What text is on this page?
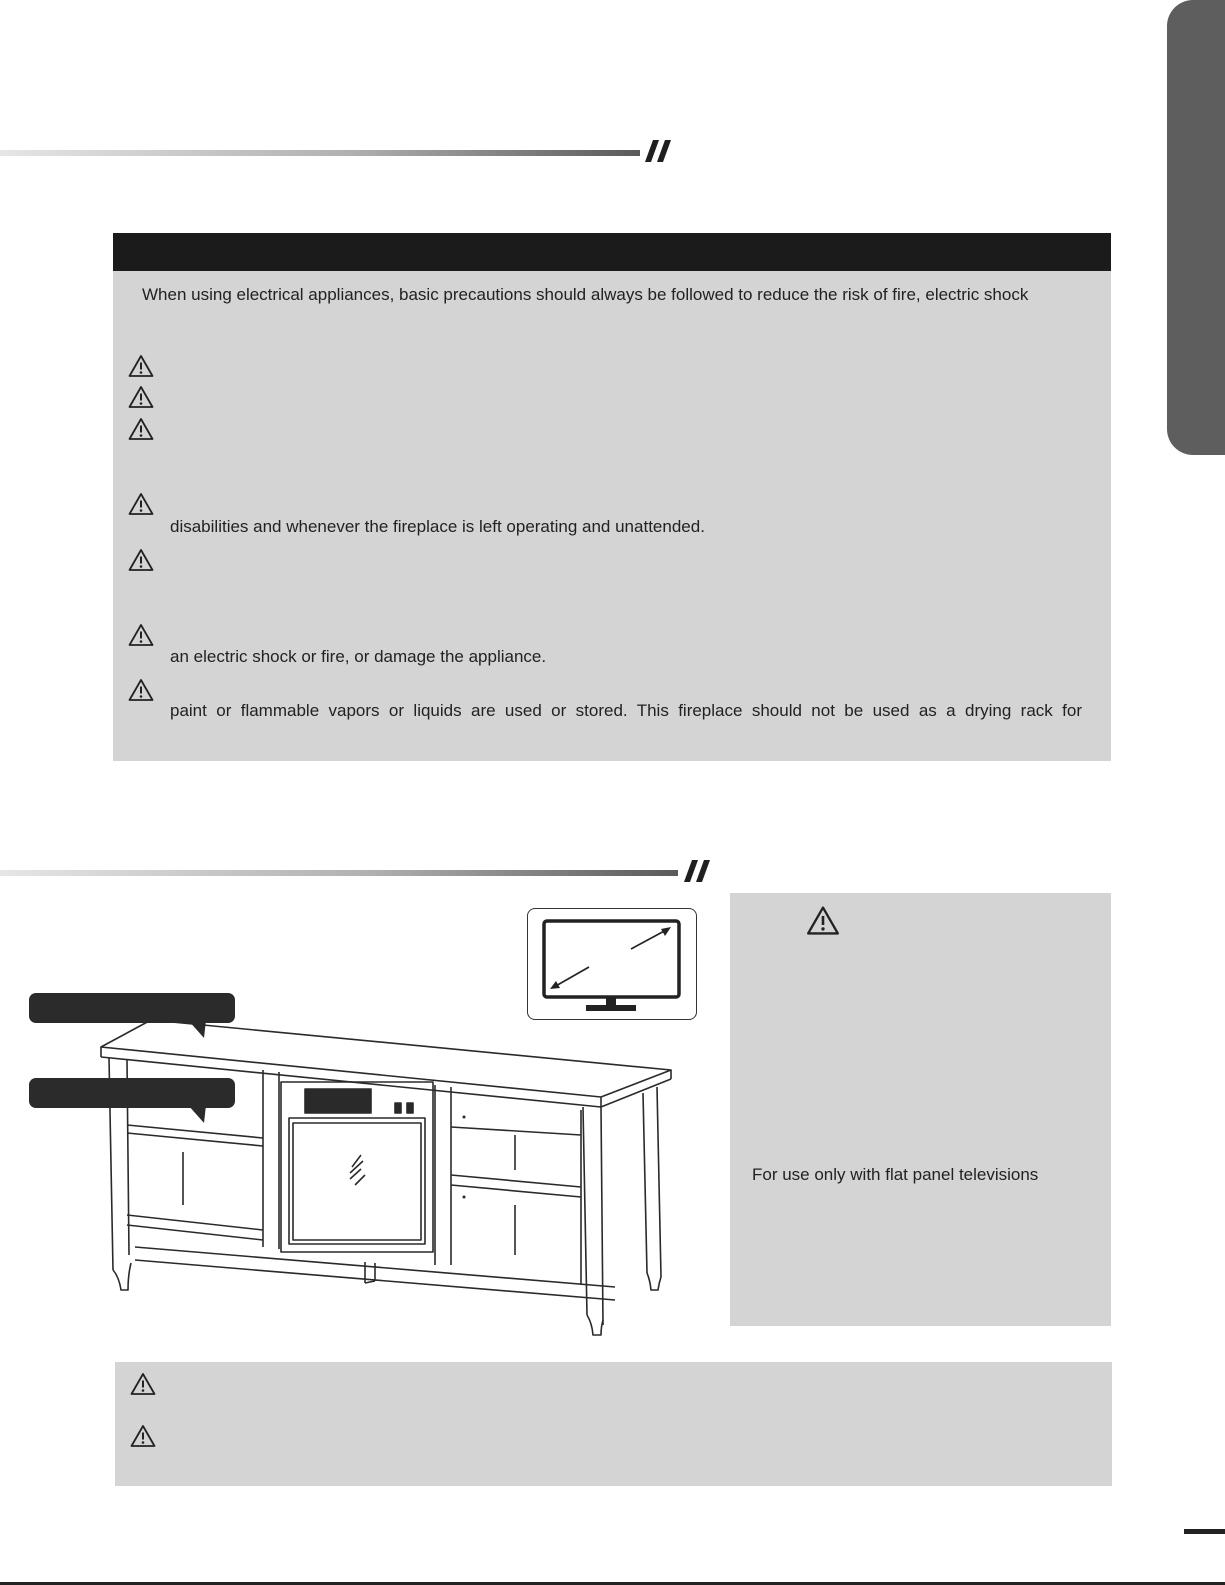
When using electrical appliances, basic precautions should always be followed to reduce the risk of fire, electric shock
disabilities and whenever the fireplace is left operating and unattended.
an electric shock or fire, or damage the appliance.
paint or flammable vapors or liquids are used or stored. This fireplace should not be used as a drying rack for
For use only with flat panel televisions
